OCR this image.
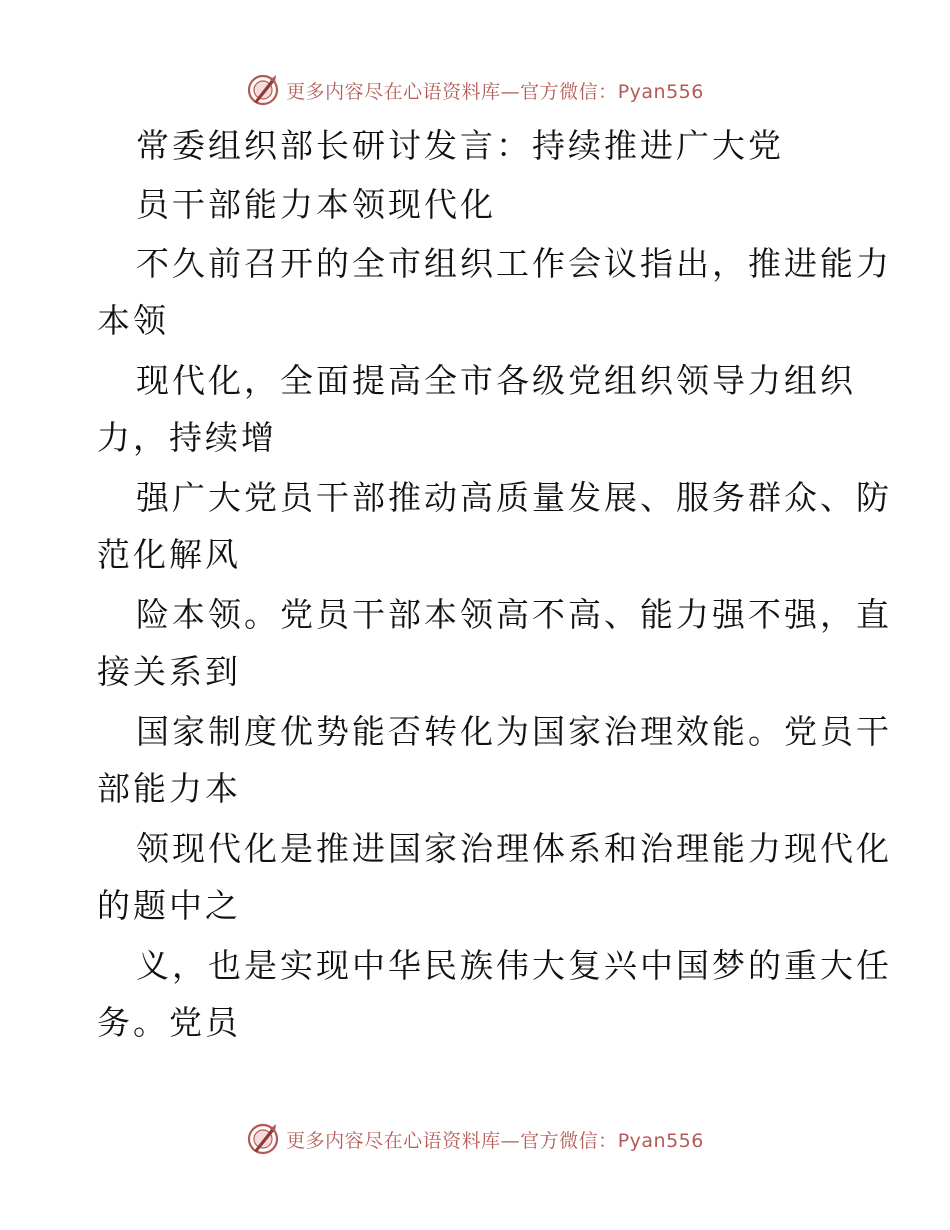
更多内容尽在心语资料库—官方微信：Pyan556

常委组织部长研讨发言：持续推进广大党

员干部能力本领现代化

不久前召开的全市组织工作会议指出，推进能力

本领

现代化，全面提高全市各级党组织领导力组织

力，持续增

强广大党员干部推动高质量发展、服务群众、防

范化解风

险本领。党员干部本领高不高、能力强不强，直

接关系到

国家制度优势能否转化为国家治理效能。党员干

部能力本

领现代化是推进国家治理体系和治理能力现代化

的题中之

义，也是实现中华民族伟大复兴中国梦的重大任

务。党员

更多内容尽在心语资料库—官方微信：Pyan556
